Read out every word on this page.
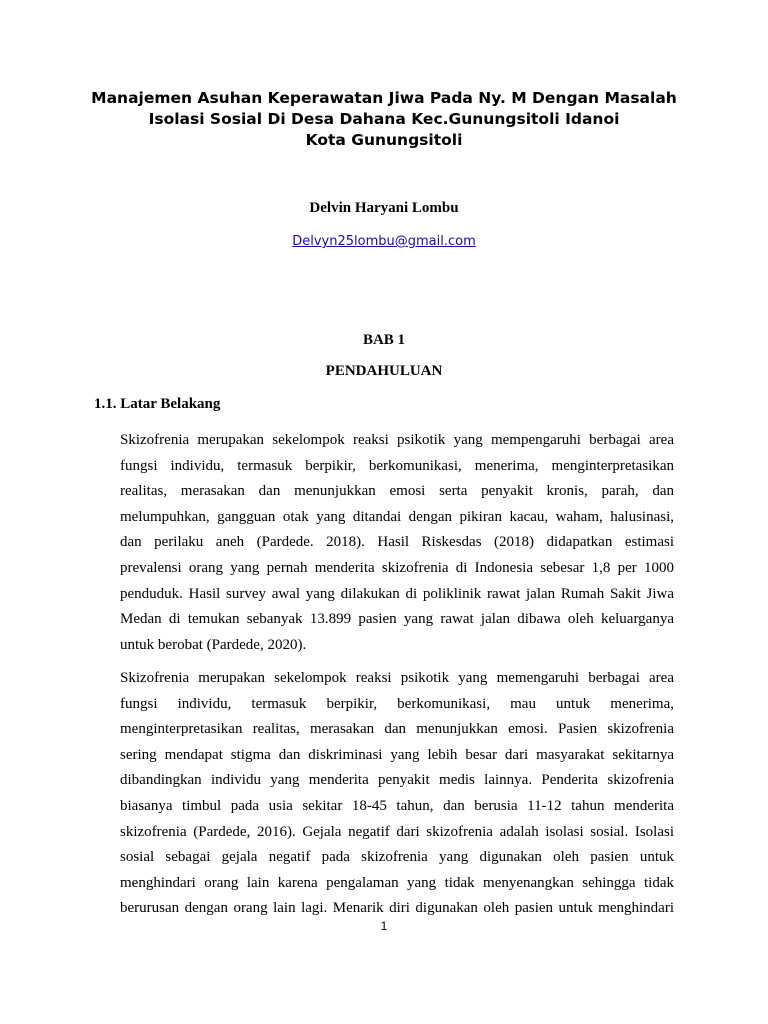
Manajemen Asuhan Keperawatan Jiwa Pada Ny. M Dengan Masalah
Isolasi Sosial Di Desa Dahana Kec.Gunungsitoli Idanoi
Kota Gunungsitoli
Delvin Haryani Lombu
Delvyn25lombu@gmail.com
BAB 1
PENDAHULUAN
1.1. Latar Belakang
Skizofrenia merupakan sekelompok reaksi psikotik yang mempengaruhi berbagai area
fungsi individu, termasuk berpikir, berkomunikasi, menerima, menginterpretasikan
realitas, merasakan dan menunjukkan emosi serta penyakit kronis, parah, dan
melumpuhkan, gangguan otak yang ditandai dengan pikiran kacau, waham, halusinasi,
dan perilaku aneh (Pardede. 2018). Hasil Riskesdas (2018) didapatkan estimasi
prevalensi orang yang pernah menderita skizofrenia di Indonesia sebesar 1,8 per 1000
penduduk. Hasil survey awal yang dilakukan di poliklinik rawat jalan Rumah Sakit Jiwa
Medan di temukan sebanyak 13.899 pasien yang rawat jalan dibawa oleh keluarganya
untuk berobat (Pardede, 2020).
Skizofrenia merupakan sekelompok reaksi psikotik yang memengaruhi berbagai area
fungsi individu, termasuk berpikir, berkomunikasi, mau untuk menerima,
menginterpretasikan realitas, merasakan dan menunjukkan emosi. Pasien skizofrenia
sering mendapat stigma dan diskriminasi yang lebih besar dari masyarakat sekitarnya
dibandingkan individu yang menderita penyakit medis lainnya. Penderita skizofrenia
biasanya timbul pada usia sekitar 18-45 tahun, dan berusia 11-12 tahun menderita
skizofrenia (Pardede, 2016). Gejala negatif dari skizofrenia adalah isolasi sosial. Isolasi
sosial sebagai gejala negatif pada skizofrenia yang digunakan oleh pasien untuk
menghindari orang lain karena pengalaman yang tidak menyenangkan sehingga tidak
berurusan dengan orang lain lagi. Menarik diri digunakan oleh pasien untuk menghindari
1
